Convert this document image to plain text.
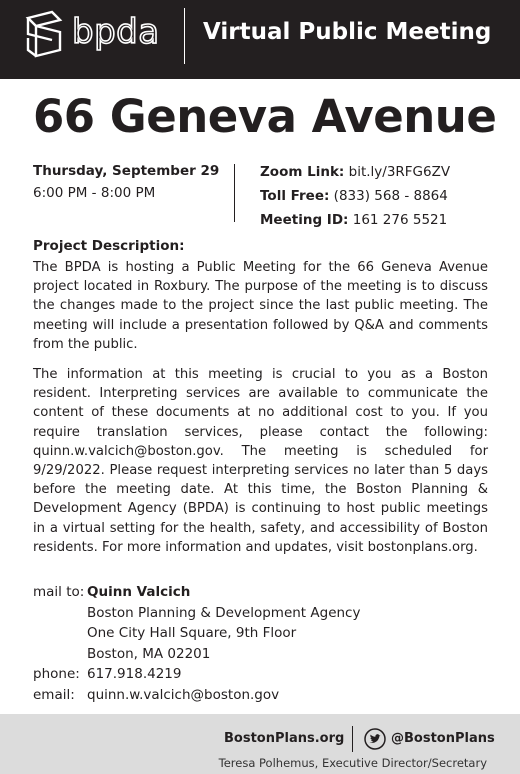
bpda Virtual Public Meeting
66 Geneva Avenue
Thursday, September 29
6:00 PM - 8:00 PM
Zoom Link: bit.ly/3RFG6ZV
Toll Free: (833) 568 - 8864
Meeting ID: 161 276 5521
Project Description:

The BPDA is hosting a Public Meeting for the 66 Geneva Avenue project located in Roxbury. The purpose of the meeting is to discuss the changes made to the project since the last public meeting. The meeting will include a presentation followed by Q&A and comments from the public.

The information at this meeting is crucial to you as a Boston resident. Interpreting services are available to communicate the content of these documents at no additional cost to you. If you require translation services, please contact the following: quinn.w.valcich@boston.gov. The meeting is scheduled for 9/29/2022. Please request interpreting services no later than 5 days before the meeting date. At this time, the Boston Planning & Development Agency (BPDA) is continuing to host public meetings in a virtual setting for the health, safety, and accessibility of Boston residents. For more information and updates, visit bostonplans.org.

mail to: Quinn Valcich
Boston Planning & Development Agency
One City Hall Square, 9th Floor
Boston, MA 02201
phone: 617.918.4219
email: quinn.w.valcich@boston.gov
BostonPlans.org	@BostonPlans
Teresa Polhemus, Executive Director/Secretary
